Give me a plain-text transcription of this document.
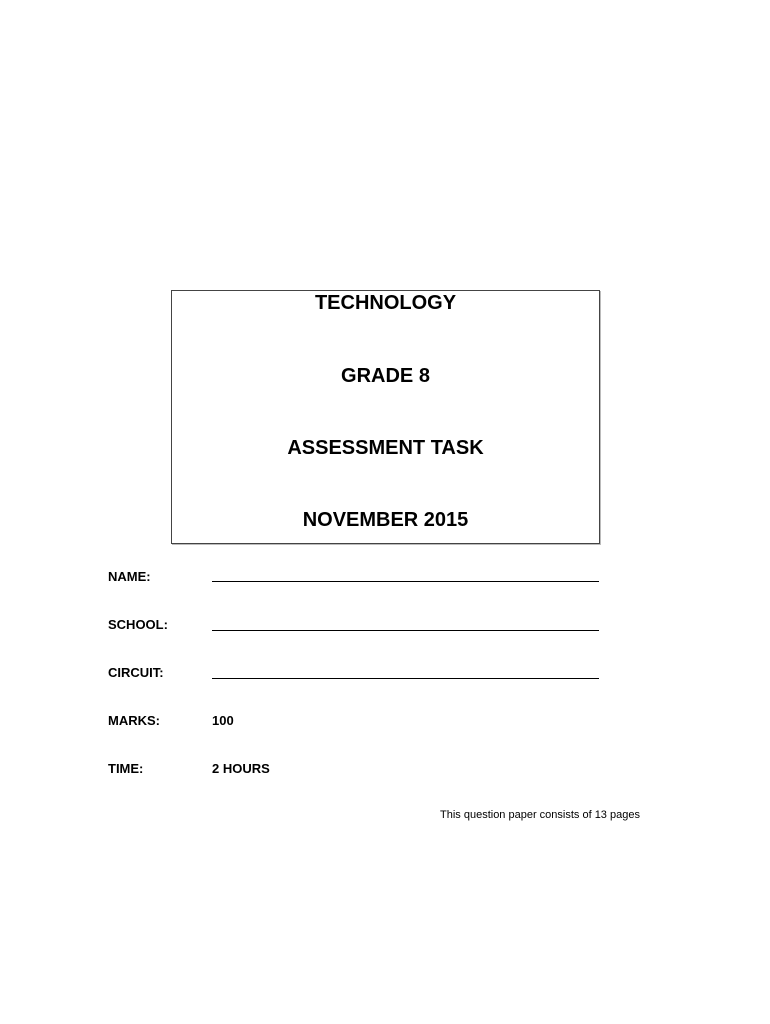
TECHNOLOGY
GRADE 8
ASSESSMENT TASK
NOVEMBER 2015
NAME:
SCHOOL:
CIRCUIT:
MARKS:	100
TIME:	2 HOURS
This question paper consists of 13 pages
